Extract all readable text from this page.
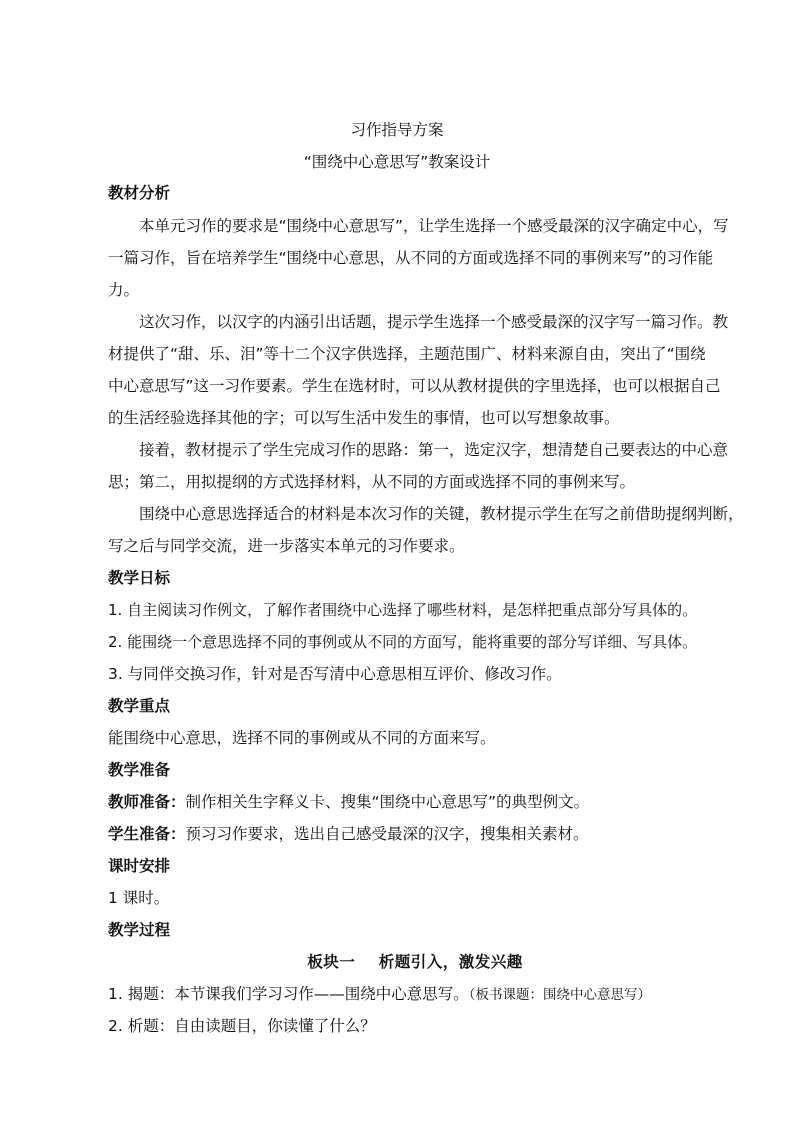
习作指导方案
“围绕中心意思写”教案设计
教材分析
本单元习作的要求是“围绕中心意思写”，让学生选择一个感受最深的汉字确定中心，写
一篇习作，旨在培养学生“围绕中心意思，从不同的方面或选择不同的事例来写”的习作能
力。
这次习作，以汉字的内涵引出话题，提示学生选择一个感受最深的汉字写一篇习作。教
材提供了“甜、乐、泪”等十二个汉字供选择，主题范围广、材料来源自由，突出了“围绕
中心意思写”这一习作要素。学生在选材时，可以从教材提供的字里选择，也可以根据自己
的生活经验选择其他的字；可以写生活中发生的事情，也可以写想象故事。
接着，教材提示了学生完成习作的思路：第一，选定汉字，想清楚自己要表达的中心意
思；第二，用拟提纲的方式选择材料，从不同的方面或选择不同的事例来写。
围绕中心意思选择适合的材料是本次习作的关键，教材提示学生在写之前借助提纲判断，
写之后与同学交流，进一步落实本单元的习作要求。
教学日标
1. 自主阅读习作例文，了解作者围绕中心选择了哪些材料，是怎样把重点部分写具体的。
2. 能围绕一个意思选择不同的事例或从不同的方面写，能将重要的部分写详细、写具体。
3. 与同伴交换习作，针对是否写清中心意思相互评价、修改习作。
教学重点
能围绕中心意思，选择不同的事例或从不同的方面来写。
教学准备
教师准备：制作相关生字释义卡、搜集“围绕中心意思写”的典型例文。
学生准备：预习习作要求，选出自己感受最深的汉字，搜集相关素材。
课时安排
1 课时。
教学过程
板块一    析题引入，激发兴趣
1. 揭题：本节课我们学习习作——围绕中心意思写。（板书课题：围绕中心意思写）
2. 析题：自由读题目，你读懂了什么？
